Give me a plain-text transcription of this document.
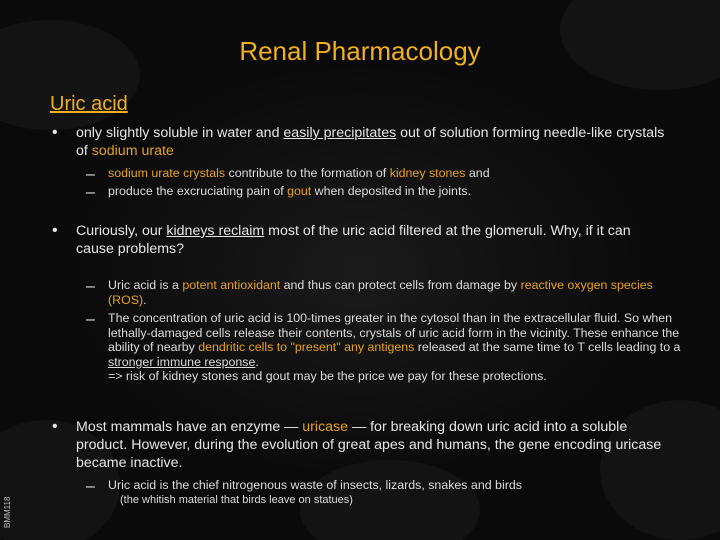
Renal Pharmacology
Uric acid
• only slightly soluble in water and easily precipitates out of solution forming needle-like crystals of sodium urate
– sodium urate crystals contribute to the formation of kidney stones and
– produce the excruciating pain of gout when deposited in the joints.
• Curiously, our kidneys reclaim most of the uric acid filtered at the glomeruli. Why, if it can cause problems?
– Uric acid is a potent antioxidant and thus can protect cells from damage by reactive oxygen species (ROS).
– The concentration of uric acid is 100-times greater in the cytosol than in the extracellular fluid. So when lethally-damaged cells release their contents, crystals of uric acid form in the vicinity. These enhance the ability of nearby dendritic cells to "present" any antigens released at the same time to T cells leading to a stronger immune response.
=> risk of kidney stones and gout may be the price we pay for these protections.
• Most mammals have an enzyme — uricase — for breaking down uric acid into a soluble product. However, during the evolution of great apes and humans, the gene encoding uricase became inactive.
– Uric acid is the chief nitrogenous waste of insects, lizards, snakes and birds
(the whitish material that birds leave on statues)
BMM118
